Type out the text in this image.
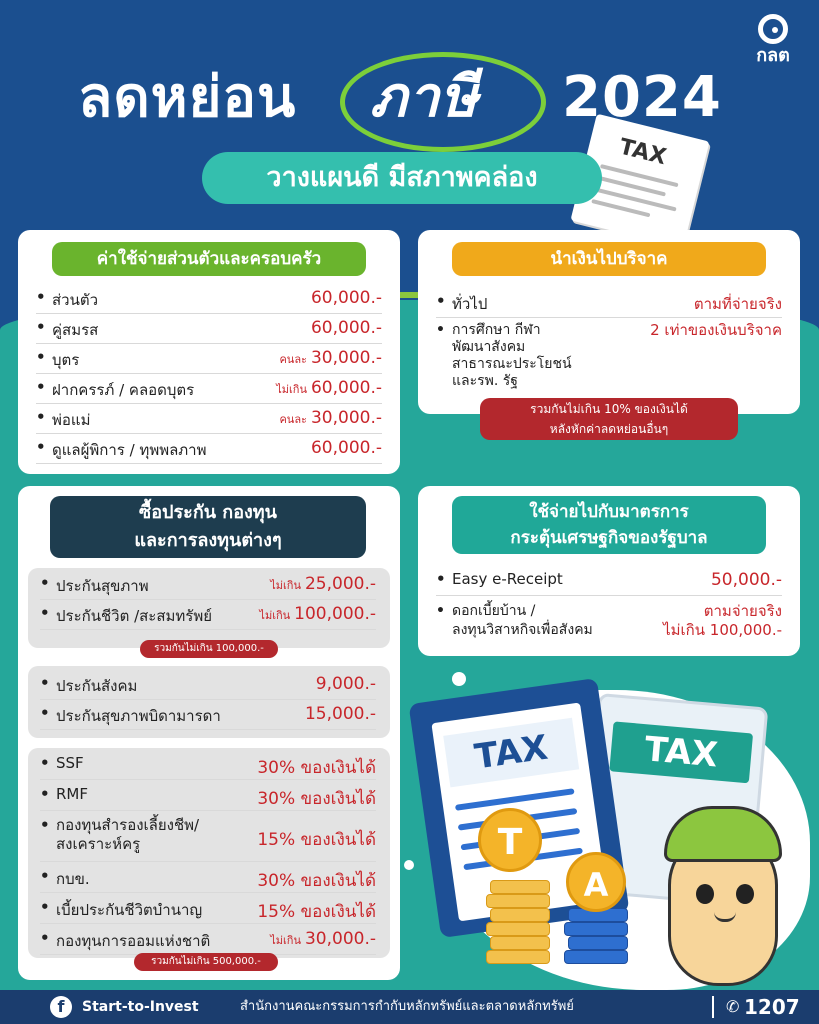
กลต
ลดหย่อน ภาษี 2024
TAX
วางแผนดี มีสภาพคล่อง
ค่าใช้จ่ายส่วนตัวและครอบครัว
• ส่วนตัว	60,000.-
• คู่สมรส	60,000.-
• บุตร	คนละ 30,000.-
• ฝากครรภ์ / คลอดบุตร	ไม่เกิน 60,000.-
• พ่อแม่	คนละ 30,000.-
• ดูแลผู้พิการ / ทุพพลภาพ	60,000.-
นำเงินไปบริจาค
• ทั่วไป	ตามที่จ่ายจริง
• การศึกษา กีฬา
พัฒนาสังคม
สาธารณะประโยชน์
และรพ. รัฐ
2 เท่าของเงินบริจาค
รวมกันไม่เกิน 10% ของเงินได้
หลังหักค่าลดหย่อนอื่นๆ
ซื้อประกัน กองทุน
และการลงทุนต่างๆ
• ประกันสุขภาพ	ไม่เกิน 25,000.-
• ประกันชีวิต /สะสมทรัพย์	ไม่เกิน 100,000.-
• ประกันสังคม	9,000.-
• ประกันสุขภาพบิดามารดา	15,000.-
• SSF	30% ของเงินได้
• RMF	30% ของเงินได้
• กองทุนสำรองเลี้ยงชีพ/
สงเคราะห์ครู	15% ของเงินได้
• กบข.	30% ของเงินได้
• เบี้ยประกันชีวิตบำนาญ	15% ของเงินได้
• กองทุนการออมแห่งชาติ	ไม่เกิน 30,000.-
รวมกันไม่เกิน 100,000.-
รวมกันไม่เกิน 500,000.-
ใช้จ่ายไปกับมาตรการ
กระตุ้นเศรษฐกิจของรัฐบาล
• Easy e-Receipt	50,000.-
• ดอกเบี้ยบ้าน /
ลงทุนวิสาหกิจเพื่อสังคม
ตามจ่ายจริง
ไม่เกิน 100,000.-
TAX
TAX
T
A
f	Start-to-Invest	สำนักงานคณะกรรมการกำกับหลักทรัพย์และตลาดหลักทรัพย์	✆ 1207
